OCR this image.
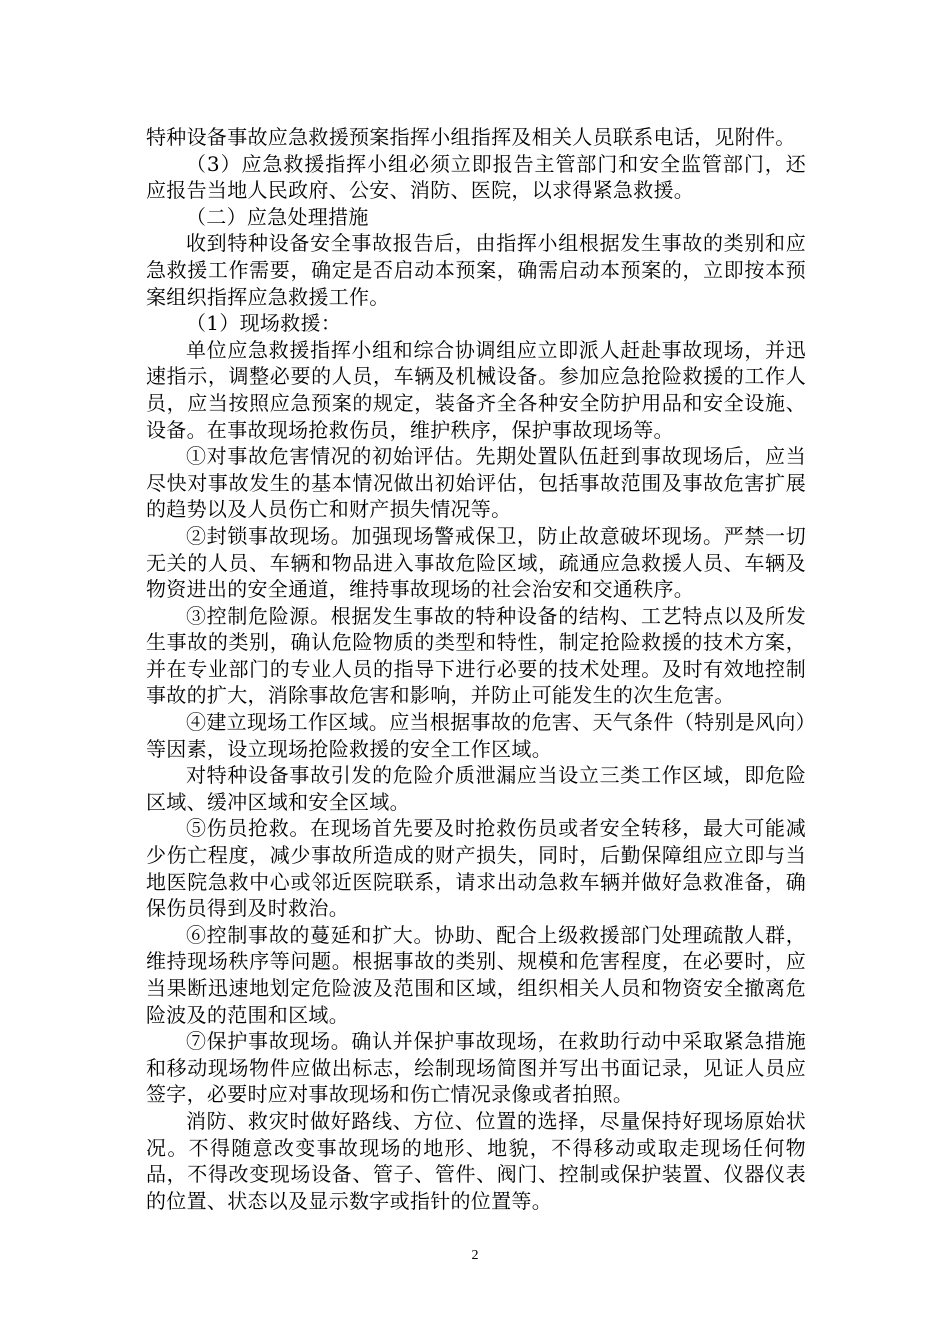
特种设备事故应急救援预案指挥小组指挥及相关人员联系电话，见附件。

（3）应急救援指挥小组必须立即报告主管部门和安全监管部门，还应报告当地人民政府、公安、消防、医院，以求得紧急救援。

（二）应急处理措施

收到特种设备安全事故报告后，由指挥小组根据发生事故的类别和应急救援工作需要，确定是否启动本预案，确需启动本预案的，立即按本预案组织指挥应急救援工作。

（1）现场救援：

单位应急救援指挥小组和综合协调组应立即派人赶赴事故现场，并迅速指示，调整必要的人员，车辆及机械设备。参加应急抢险救援的工作人员，应当按照应急预案的规定，装备齐全各种安全防护用品和安全设施、设备。在事故现场抢救伤员，维护秩序，保护事故现场等。

①对事故危害情况的初始评估。先期处置队伍赶到事故现场后，应当尽快对事故发生的基本情况做出初始评估，包括事故范围及事故危害扩展的趋势以及人员伤亡和财产损失情况等。

②封锁事故现场。加强现场警戒保卫，防止故意破坏现场。严禁一切无关的人员、车辆和物品进入事故危险区域，疏通应急救援人员、车辆及物资进出的安全通道，维持事故现场的社会治安和交通秩序。

③控制危险源。根据发生事故的特种设备的结构、工艺特点以及所发生事故的类别，确认危险物质的类型和特性，制定抢险救援的技术方案，并在专业部门的专业人员的指导下进行必要的技术处理。及时有效地控制事故的扩大，消除事故危害和影响，并防止可能发生的次生危害。

④建立现场工作区域。应当根据事故的危害、天气条件（特别是风向）等因素，设立现场抢险救援的安全工作区域。

对特种设备事故引发的危险介质泄漏应当设立三类工作区域，即危险区域、缓冲区域和安全区域。

⑤伤员抢救。在现场首先要及时抢救伤员或者安全转移，最大可能减少伤亡程度，减少事故所造成的财产损失，同时，后勤保障组应立即与当地医院急救中心或邻近医院联系，请求出动急救车辆并做好急救准备，确保伤员得到及时救治。

⑥控制事故的蔓延和扩大。协助、配合上级救援部门处理疏散人群，维持现场秩序等问题。根据事故的类别、规模和危害程度，在必要时，应当果断迅速地划定危险波及范围和区域，组织相关人员和物资安全撤离危险波及的范围和区域。

⑦保护事故现场。确认并保护事故现场，在救助行动中采取紧急措施和移动现场物件应做出标志，绘制现场简图并写出书面记录，见证人员应签字，必要时应对事故现场和伤亡情况录像或者拍照。

消防、救灾时做好路线、方位、位置的选择，尽量保持好现场原始状况。不得随意改变事故现场的地形、地貌，不得移动或取走现场任何物品，不得改变现场设备、管子、管件、阀门、控制或保护装置、仪器仪表的位置、状态以及显示数字或指针的位置等。

2
